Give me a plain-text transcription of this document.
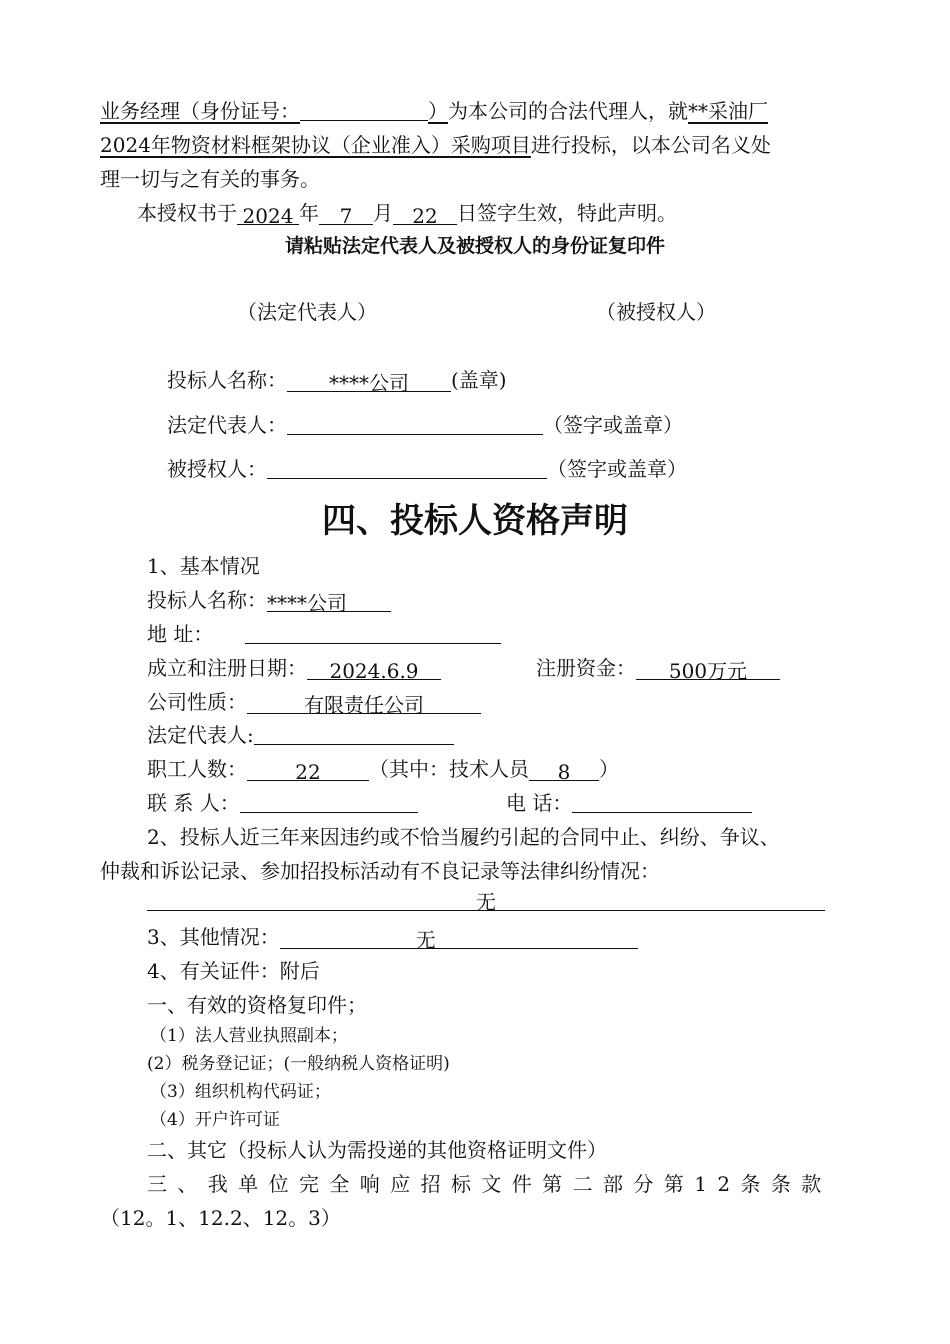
业务经理（身份证号：	）为本公司的合法代理人，就**采油厂
2024年物资材料框架协议（企业准入）采购项目进行投标，以本公司名义处
理一切与之有关的事务。
本授权书于 2024 年 7 月 22 日签字生效，特此声明。
请粘贴法定代表人及被授权人的身份证复印件
（法定代表人）	（被授权人）
投标人名称： ****公司 (盖章)
法定代表人：	（签字或盖章）
被授权人：	（签字或盖章）
四、投标人资格声明
1、基本情况
投标人名称：****公司
地 址：
成立和注册日期： 2024.6.9	注册资金： 500万元
公司性质：	有限责任公司
法定代表人:
职工人数： 22 （其中：技术人员 8 ）
联 系 人：	电 话：
2、投标人近三年来因违约或不恰当履约引起的合同中止、纠纷、争议、
仲裁和诉讼记录、参加招投标活动有不良记录等法律纠纷情况：
无
3、其他情况：	无
4、有关证件：附后
一、有效的资格复印件；
（1）法人营业执照副本；
(2）税务登记证；(一般纳税人资格证明)
（3）组织机构代码证；
（4）开户许可证
二、其它（投标人认为需投递的其他资格证明文件）
三、我单位完全响应招标文件第二部分第12条条款
（12。1、12.2、12。3）
